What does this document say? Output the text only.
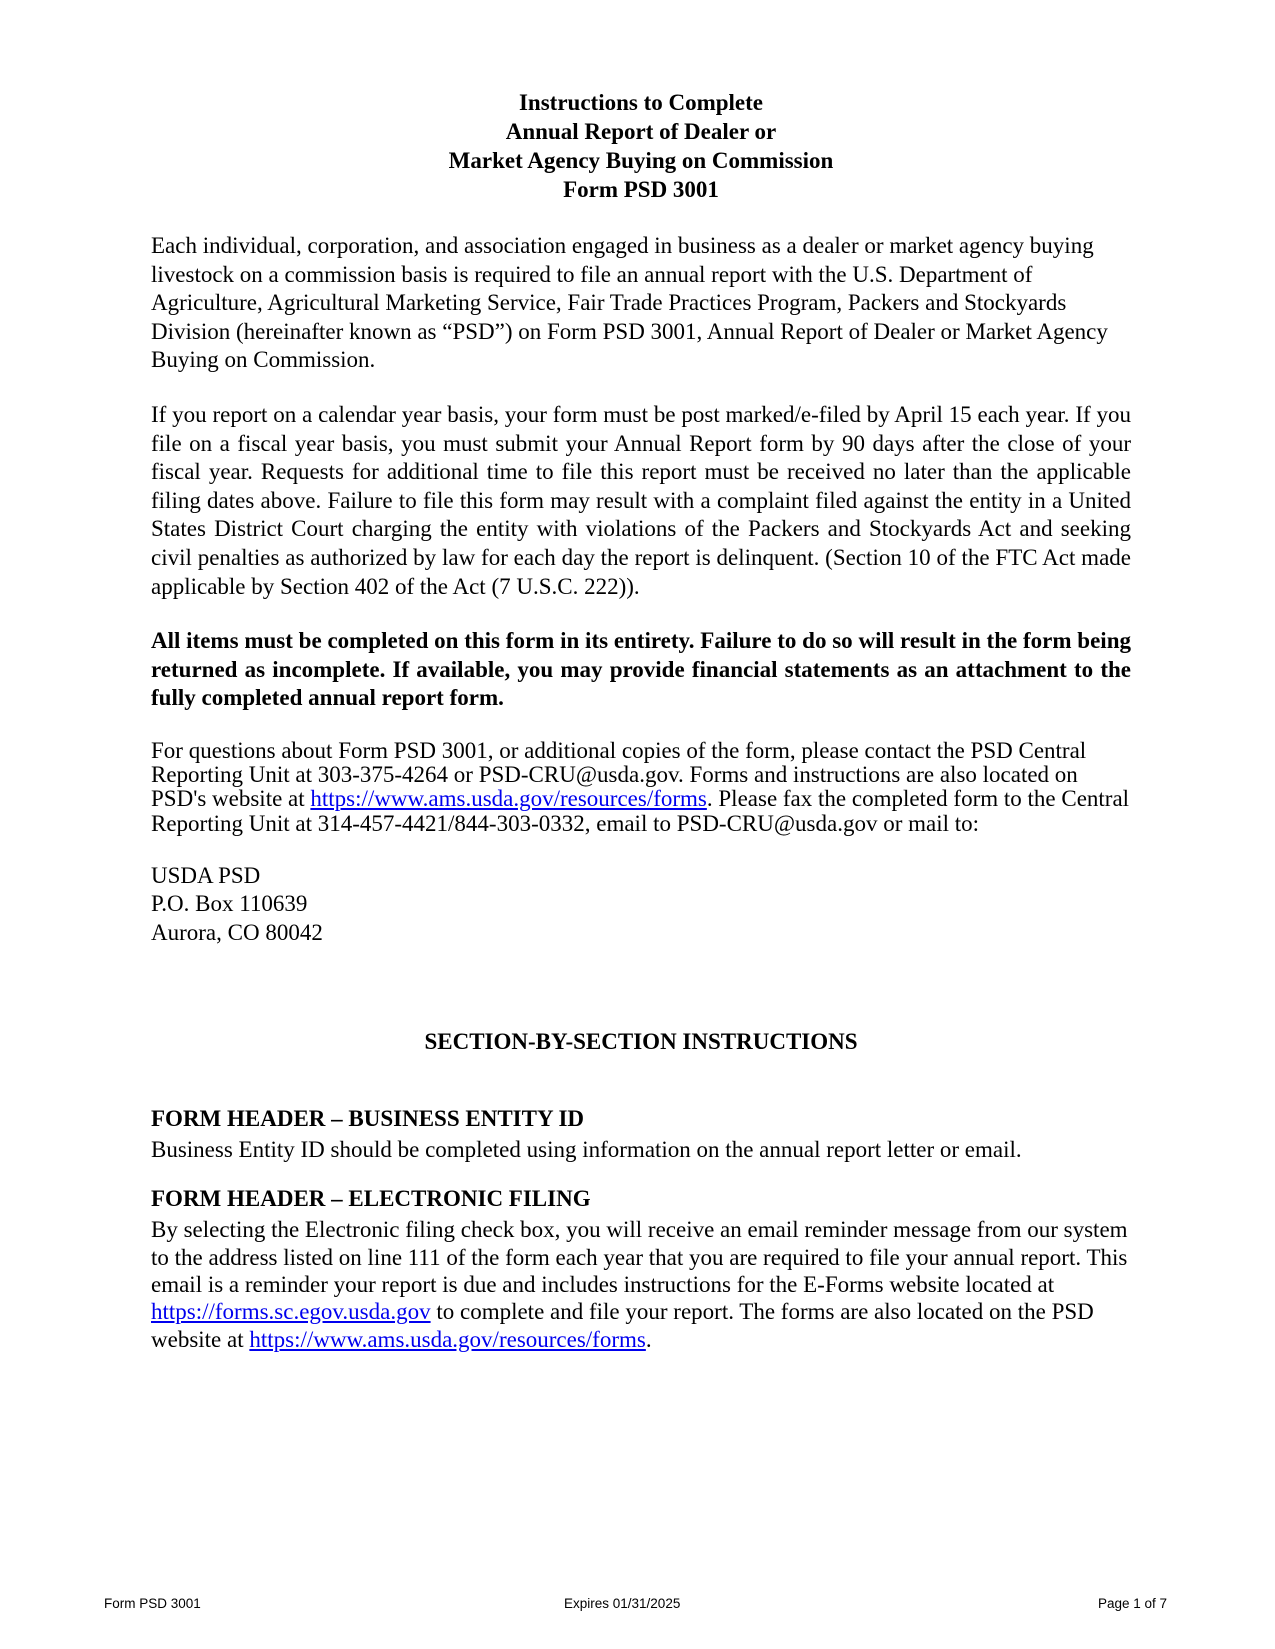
Instructions to Complete
Annual Report of Dealer or
Market Agency Buying on Commission
Form PSD 3001

Each individual, corporation, and association engaged in business as a dealer or market agency buying livestock on a commission basis is required to file an annual report with the U.S. Department of Agriculture, Agricultural Marketing Service, Fair Trade Practices Program, Packers and Stockyards Division (hereinafter known as “PSD”) on Form PSD 3001, Annual Report of Dealer or Market Agency Buying on Commission.

If you report on a calendar year basis, your form must be post marked/e-filed by April 15 each year. If you file on a fiscal year basis, you must submit your Annual Report form by 90 days after the close of your fiscal year. Requests for additional time to file this report must be received no later than the applicable filing dates above. Failure to file this form may result with a complaint filed against the entity in a United States District Court charging the entity with violations of the Packers and Stockyards Act and seeking civil penalties as authorized by law for each day the report is delinquent. (Section 10 of the FTC Act made applicable by Section 402 of the Act (7 U.S.C. 222)).

All items must be completed on this form in its entirety. Failure to do so will result in the form being returned as incomplete. If available, you may provide financial statements as an attachment to the fully completed annual report form.

For questions about Form PSD 3001, or additional copies of the form, please contact the PSD Central Reporting Unit at 303-375-4264 or PSD-CRU@usda.gov. Forms and instructions are also located on PSD's website at https://www.ams.usda.gov/resources/forms. Please fax the completed form to the Central Reporting Unit at 314-457-4421/844-303-0332, email to PSD-CRU@usda.gov or mail to:

USDA PSD
P.O. Box 110639
Aurora, CO 80042
SECTION-BY-SECTION INSTRUCTIONS
FORM HEADER – BUSINESS ENTITY ID

Business Entity ID should be completed using information on the annual report letter or email.

FORM HEADER – ELECTRONIC FILING

By selecting the Electronic filing check box, you will receive an email reminder message from our system to the address listed on line 111 of the form each year that you are required to file your annual report. This email is a reminder your report is due and includes instructions for the E-Forms website located at https://forms.sc.egov.usda.gov to complete and file your report. The forms are also located on the PSD website at https://www.ams.usda.gov/resources/forms.

Form PSD 3001	Expires 01/31/2025	Page 1 of 7
